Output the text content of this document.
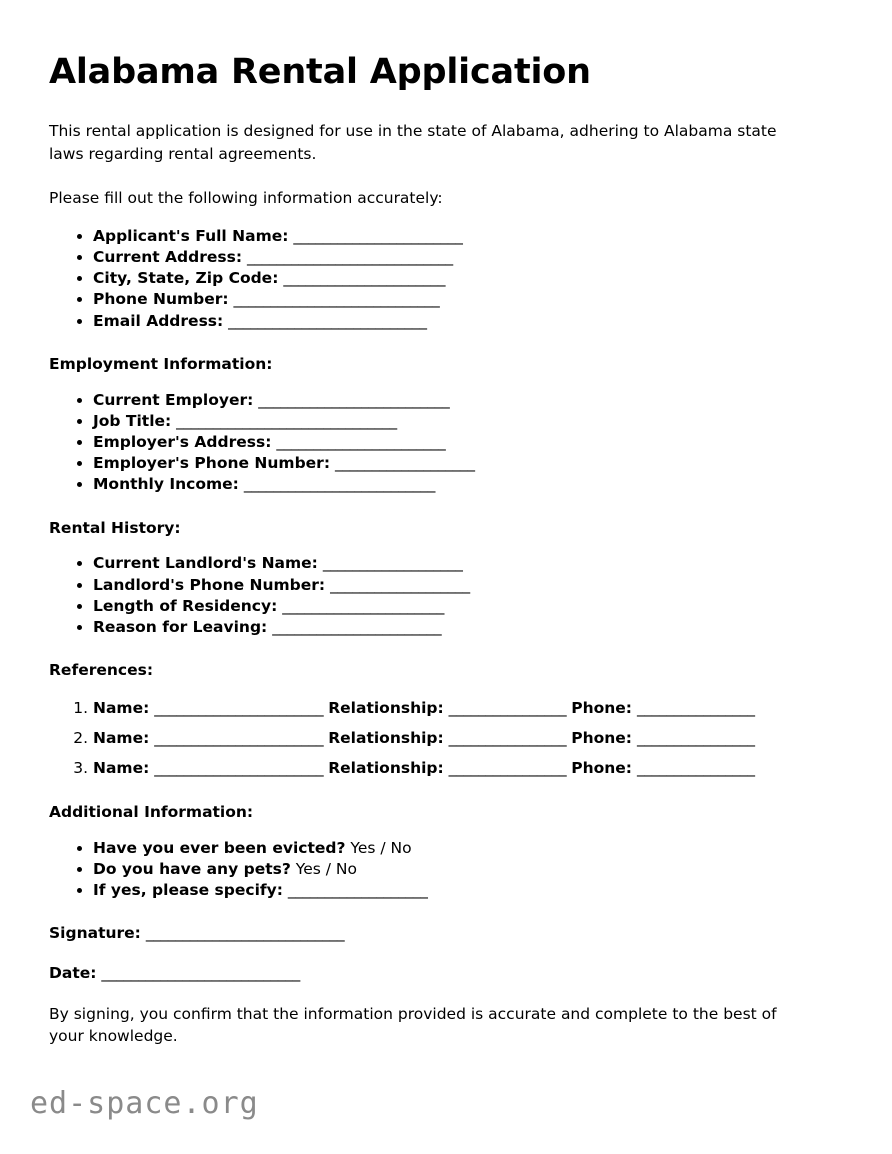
Alabama Rental Application

This rental application is designed for use in the state of Alabama, adhering to Alabama state laws regarding rental agreements.

Please fill out the following information accurately:

• Applicant's Full Name: _______________________
• Current Address: ____________________________
• City, State, Zip Code: ______________________
• Phone Number: ____________________________
• Email Address: ___________________________
Employment Information:
• Current Employer: __________________________
• Job Title: ______________________________
• Employer's Address: _______________________
• Employer's Phone Number: ___________________
• Monthly Income: __________________________
Rental History:
• Current Landlord's Name: ___________________
• Landlord's Phone Number: ___________________
• Length of Residency: ______________________
• Reason for Leaving: _______________________
References:
1. Name: _______________________ Relationship: ________________ Phone: ________________
2. Name: _______________________ Relationship: ________________ Phone: ________________
3. Name: _______________________ Relationship: ________________ Phone: ________________
Additional Information:
• Have you ever been evicted? Yes / No
• Do you have any pets? Yes / No
• If yes, please specify: ___________________
Signature: ___________________________
Date: ___________________________

By signing, you confirm that the information provided is accurate and complete to the best of your knowledge.

ed-space.org
